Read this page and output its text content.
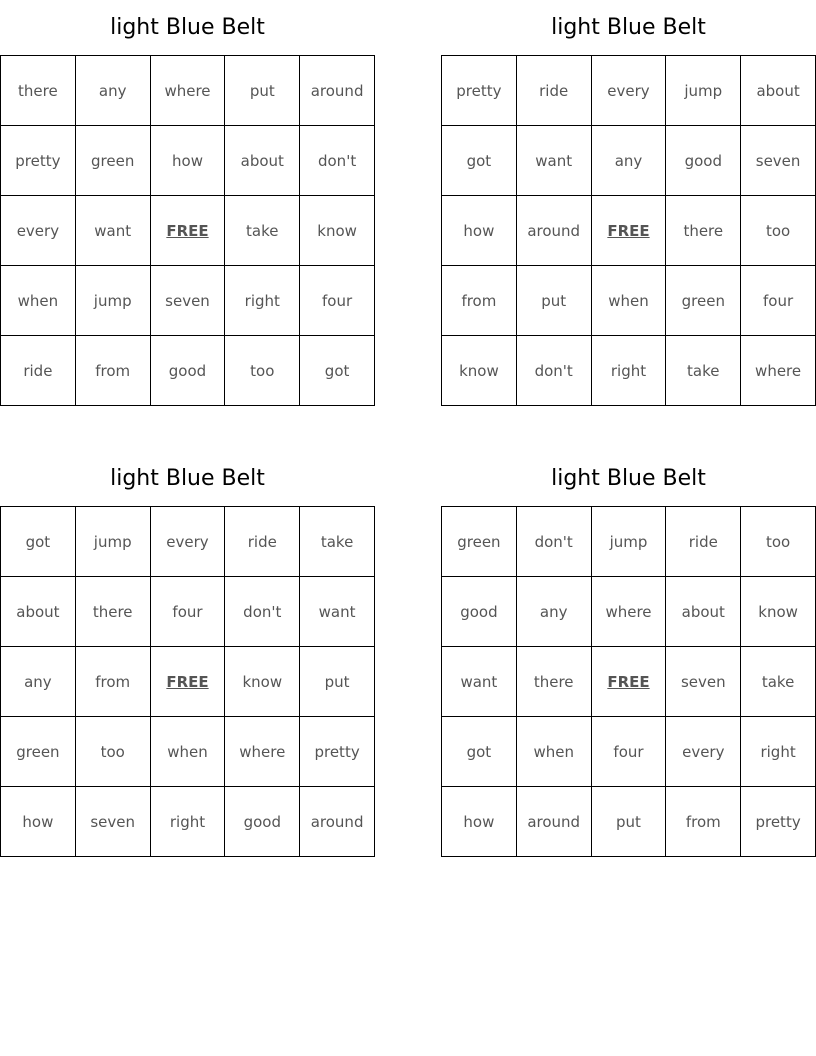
light Blue Belt
there	any	where	put	around
pretty	green	how	about	don't
every	want	FREE	take	know
when	jump	seven	right	four
ride	from	good	too	got
light Blue Belt
pretty	ride	every	jump	about
got	want	any	good	seven
how	around	FREE	there	too
from	put	when	green	four
know	don't	right	take	where
light Blue Belt
got	jump	every	ride	take
about	there	four	don't	want
any	from	FREE	know	put
green	too	when	where	pretty
how	seven	right	good	around
light Blue Belt
green	don't	jump	ride	too
good	any	where	about	know
want	there	FREE	seven	take
got	when	four	every	right
how	around	put	from	pretty
